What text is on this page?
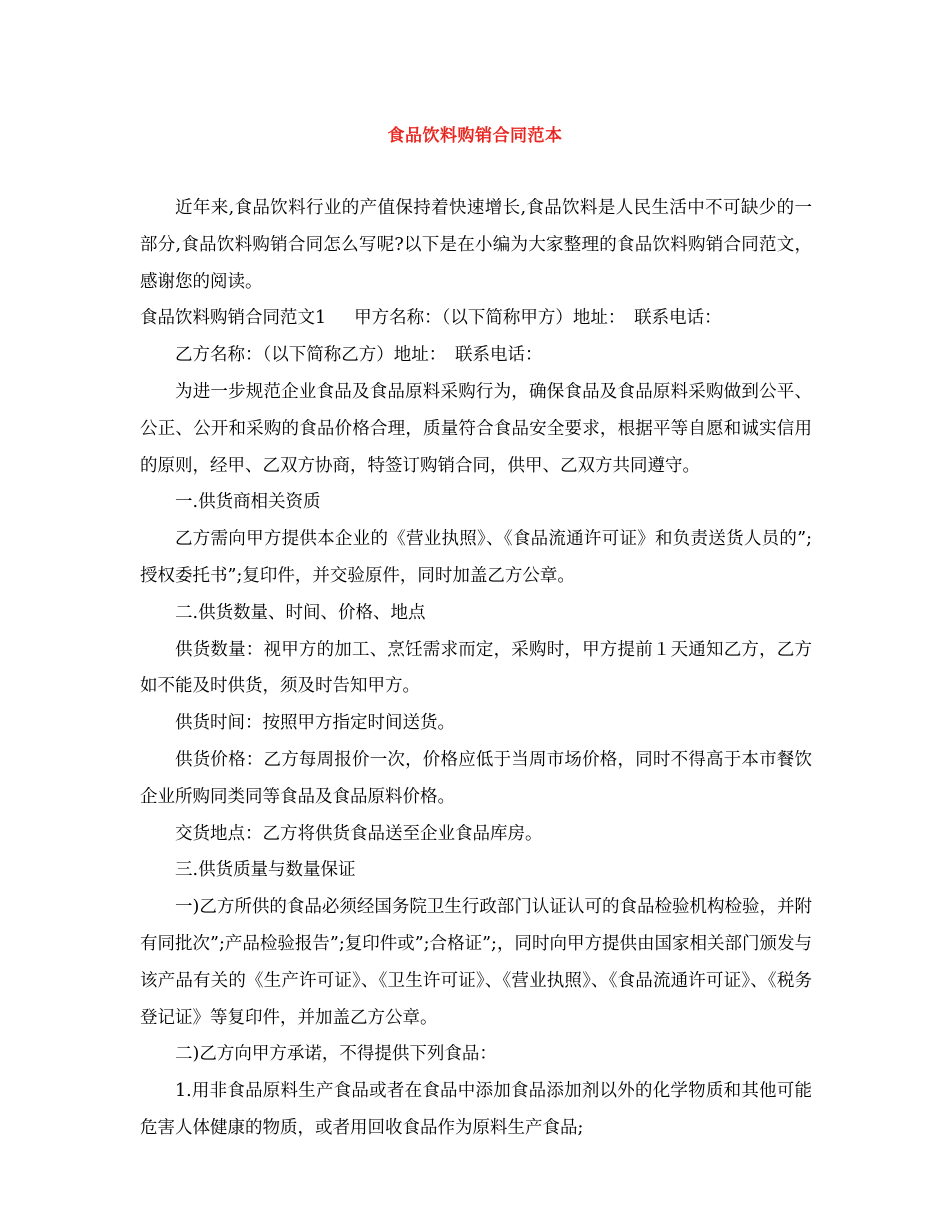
食品饮料购销合同范本

近年来,食品饮料行业的产值保持着快速增长,食品饮料是人民生活中不可缺少的一部分,食品饮料购销合同怎么写呢?以下是在小编为大家整理的食品饮料购销合同范文，感谢您的阅读。

食品饮料购销合同范文1 甲方名称：（以下简称甲方）地址：　联系电话：

乙方名称：（以下简称乙方）地址：　联系电话：

为进一步规范企业食品及食品原料采购行为，确保食品及食品原料采购做到公平、公正、公开和采购的食品价格合理，质量符合食品安全要求，根据平等自愿和诚实信用的原则，经甲、乙双方协商，特签订购销合同，供甲、乙双方共同遵守。

一.供货商相关资质

乙方需向甲方提供本企业的《营业执照》、《食品流通许可证》和负责送货人员的”;授权委托书”;复印件，并交验原件，同时加盖乙方公章。

二.供货数量、时间、价格、地点

供货数量：视甲方的加工、烹饪需求而定，采购时，甲方提前１天通知乙方，乙方如不能及时供货，须及时告知甲方。

供货时间：按照甲方指定时间送货。

供货价格：乙方每周报价一次，价格应低于当周市场价格，同时不得高于本市餐饮企业所购同类同等食品及食品原料价格。

交货地点：乙方将供货食品送至企业食品库房。

三.供货质量与数量保证

一)乙方所供的食品必须经国务院卫生行政部门认证认可的食品检验机构检验，并附有同批次”;产品检验报告”;复印件或”;合格证”;，同时向甲方提供由国家相关部门颁发与该产品有关的《生产许可证》、《卫生许可证》、《营业执照》、《食品流通许可证》、《税务登记证》等复印件，并加盖乙方公章。

二)乙方向甲方承诺，不得提供下列食品：

1.用非食品原料生产食品或者在食品中添加食品添加剂以外的化学物质和其他可能危害人体健康的物质，或者用回收食品作为原料生产食品;
